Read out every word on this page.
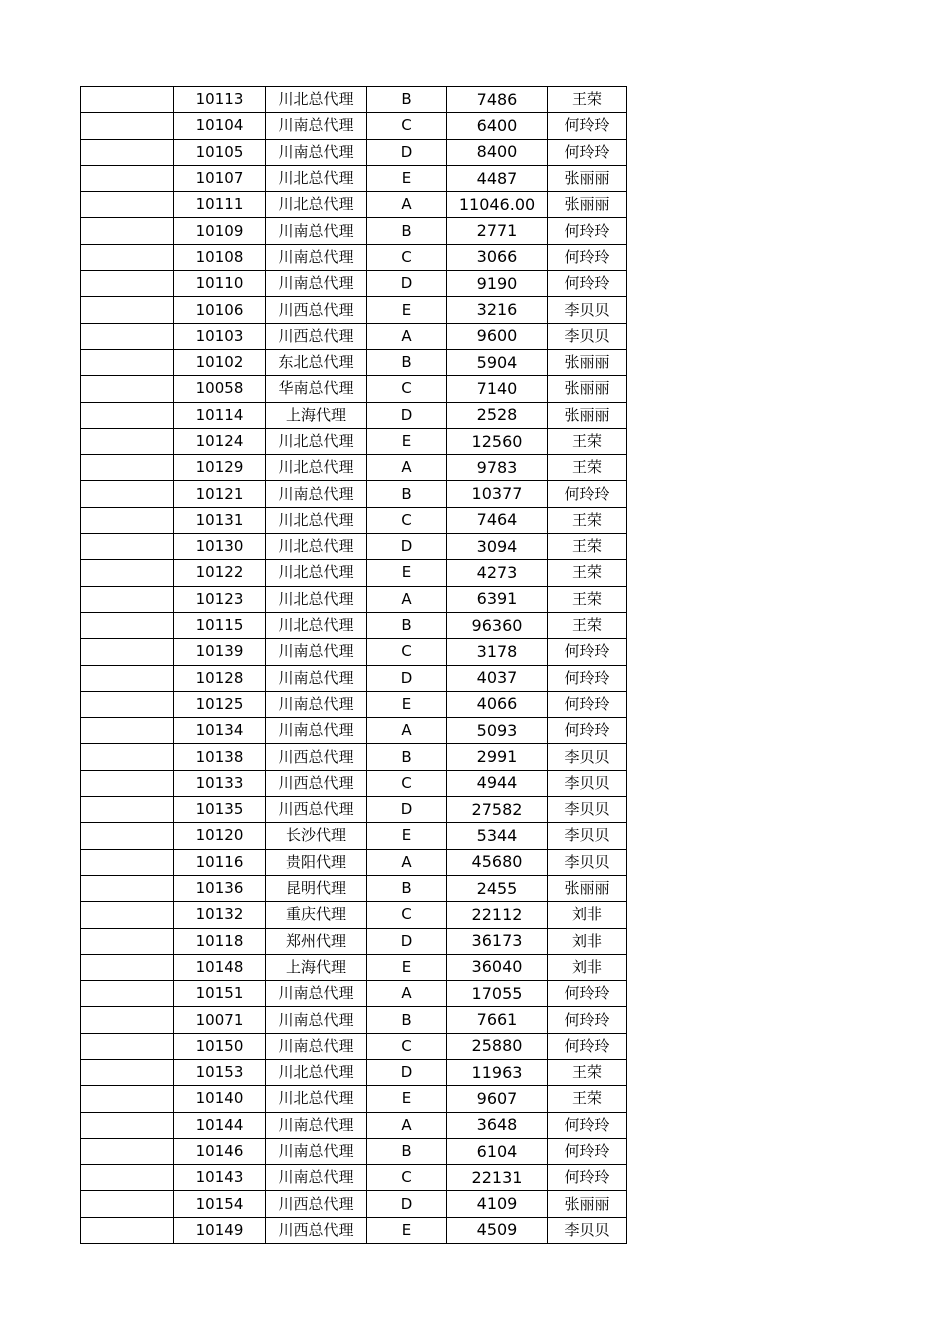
	10113	川北总代理	B	7486	王荣
	10104	川南总代理	C	6400	何玲玲
	10105	川南总代理	D	8400	何玲玲
	10107	川北总代理	E	4487	张丽丽
	10111	川北总代理	A	11046.00	张丽丽
	10109	川南总代理	B	2771	何玲玲
	10108	川南总代理	C	3066	何玲玲
	10110	川南总代理	D	9190	何玲玲
	10106	川西总代理	E	3216	李贝贝
	10103	川西总代理	A	9600	李贝贝
	10102	东北总代理	B	5904	张丽丽
	10058	华南总代理	C	7140	张丽丽
	10114	上海代理	D	2528	张丽丽
	10124	川北总代理	E	12560	王荣
	10129	川北总代理	A	9783	王荣
	10121	川南总代理	B	10377	何玲玲
	10131	川北总代理	C	7464	王荣
	10130	川北总代理	D	3094	王荣
	10122	川北总代理	E	4273	王荣
	10123	川北总代理	A	6391	王荣
	10115	川北总代理	B	96360	王荣
	10139	川南总代理	C	3178	何玲玲
	10128	川南总代理	D	4037	何玲玲
	10125	川南总代理	E	4066	何玲玲
	10134	川南总代理	A	5093	何玲玲
	10138	川西总代理	B	2991	李贝贝
	10133	川西总代理	C	4944	李贝贝
	10135	川西总代理	D	27582	李贝贝
	10120	长沙代理	E	5344	李贝贝
	10116	贵阳代理	A	45680	李贝贝
	10136	昆明代理	B	2455	张丽丽
	10132	重庆代理	C	22112	刘非
	10118	郑州代理	D	36173	刘非
	10148	上海代理	E	36040	刘非
	10151	川南总代理	A	17055	何玲玲
	10071	川南总代理	B	7661	何玲玲
	10150	川南总代理	C	25880	何玲玲
	10153	川北总代理	D	11963	王荣
	10140	川北总代理	E	9607	王荣
	10144	川南总代理	A	3648	何玲玲
	10146	川南总代理	B	6104	何玲玲
	10143	川南总代理	C	22131	何玲玲
	10154	川西总代理	D	4109	张丽丽
	10149	川西总代理	E	4509	李贝贝
